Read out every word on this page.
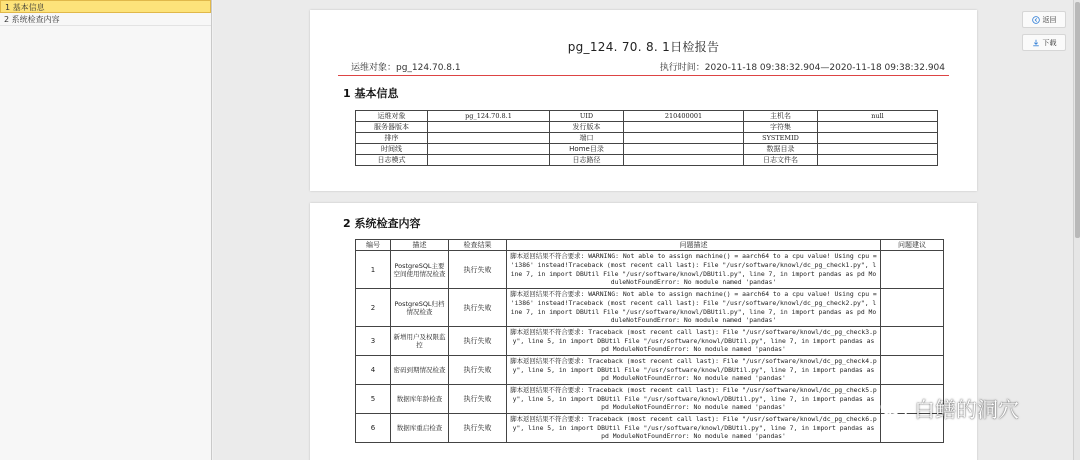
1 基本信息
2 系统检查内容
pg_124. 70. 8. 1日检报告
运维对象：pg_124.70.8.1	执行时间：2020-11-18 09:38:32.904—2020-11-18 09:38:32.904
1 基本信息
运维对象	pg_124.70.8.1	UID	210400001	主机名	null
服务器版本		发行版本		字符集	
排序		端口		SYSTEMID	
时间线		Home目录		数据目录	
日志模式		日志路径		日志文件名	
2 系统检查内容
编号	描述	检查结果	问题描述	问题建议
1	PostgreSQL主要空间使用情况检查	执行失败	脚本返回结果不符合要求: WARNING: Not able to assign machine() = aarch64 to a cpu value! Using cpu = 'i386' instead!Traceback (most recent call last): File "/usr/software/knowl/dc_pg_check1.py", line 7, in import DBUtil File "/usr/software/knowl/DBUtil.py", line 7, in import pandas as pd ModuleNotFoundError: No module named 'pandas'	
2	PostgreSQL归档情况检查	执行失败	脚本返回结果不符合要求: WARNING: Not able to assign machine() = aarch64 to a cpu value! Using cpu = 'i386' instead!Traceback (most recent call last): File "/usr/software/knowl/dc_pg_check2.py", line 7, in import DBUtil File "/usr/software/knowl/DBUtil.py", line 7, in import pandas as pd ModuleNotFoundError: No module named 'pandas'	
3	新增用户及权限监控	执行失败	脚本返回结果不符合要求: Traceback (most recent call last): File "/usr/software/knowl/dc_pg_check3.py", line 5, in import DBUtil File "/usr/software/knowl/DBUtil.py", line 7, in import pandas as pd ModuleNotFoundError: No module named 'pandas'	
4	密码到期情况检查	执行失败	脚本返回结果不符合要求: Traceback (most recent call last): File "/usr/software/knowl/dc_pg_check4.py", line 5, in import DBUtil File "/usr/software/knowl/DBUtil.py", line 7, in import pandas as pd ModuleNotFoundError: No module named 'pandas'	
5	数据库年龄检查	执行失败	脚本返回结果不符合要求: Traceback (most recent call last): File "/usr/software/knowl/dc_pg_check5.py", line 5, in import DBUtil File "/usr/software/knowl/DBUtil.py", line 7, in import pandas as pd ModuleNotFoundError: No module named 'pandas'	
6	数据库重启检查	执行失败	脚本返回结果不符合要求: Traceback (most recent call last): File "/usr/software/knowl/dc_pg_check6.py", line 5, in import DBUtil File "/usr/software/knowl/DBUtil.py", line 7, in import pandas as pd ModuleNotFoundError: No module named 'pandas'	
返回
下载
白鳝的洞穴
